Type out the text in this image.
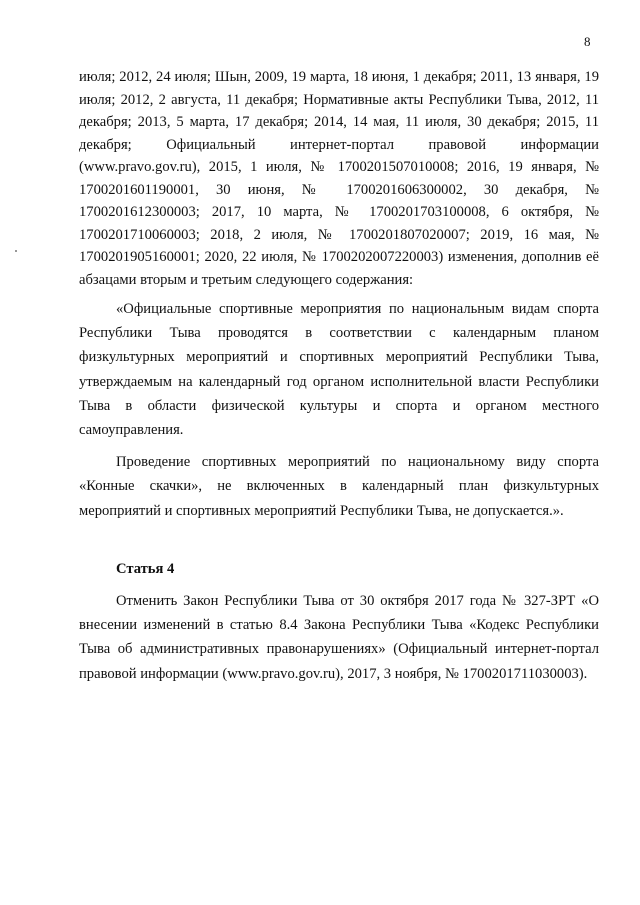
8

июля; 2012, 24 июля; Шын, 2009, 19 марта, 18 июня, 1 декабря; 2011, 13 января, 19 июля; 2012, 2 августа, 11 декабря; Нормативные акты Республики Тыва, 2012, 11 декабря; 2013, 5 марта, 17 декабря; 2014, 14 мая, 11 июля, 30 декабря; 2015, 11 декабря; Официальный интернет-портал правовой информации (www.pravo.gov.ru), 2015, 1 июля, № 1700201507010008; 2016, 19 января, № 1700201601190001, 30 июня, № 1700201606300002, 30 декабря, № 1700201612300003; 2017, 10 марта, № 1700201703100008, 6 октября, № 1700201710060003; 2018, 2 июля, № 1700201807020007; 2019, 16 мая, № 1700201905160001; 2020, 22 июля, № 1700202007220003) изменения, дополнив её абзацами вторым и третьим следующего содержания:

«Официальные спортивные мероприятия по национальным видам спорта Республики Тыва проводятся в соответствии с календарным планом физкультурных мероприятий и спортивных мероприятий Республики Тыва, утверждаемым на календарный год органом исполнительной власти Республики Тыва в области физической культуры и спорта и органом местного самоуправления.

Проведение спортивных мероприятий по национальному виду спорта «Конные скачки», не включенных в календарный план физкультурных мероприятий и спортивных мероприятий Республики Тыва, не допускается.».

Статья 4

Отменить Закон Республики Тыва от 30 октября 2017 года № 327-ЗРТ «О внесении изменений в статью 8.4 Закона Республики Тыва «Кодекс Республики Тыва об административных правонарушениях» (Официальный интернет-портал правовой информации (www.pravo.gov.ru), 2017, 3 ноября, № 1700201711030003).
